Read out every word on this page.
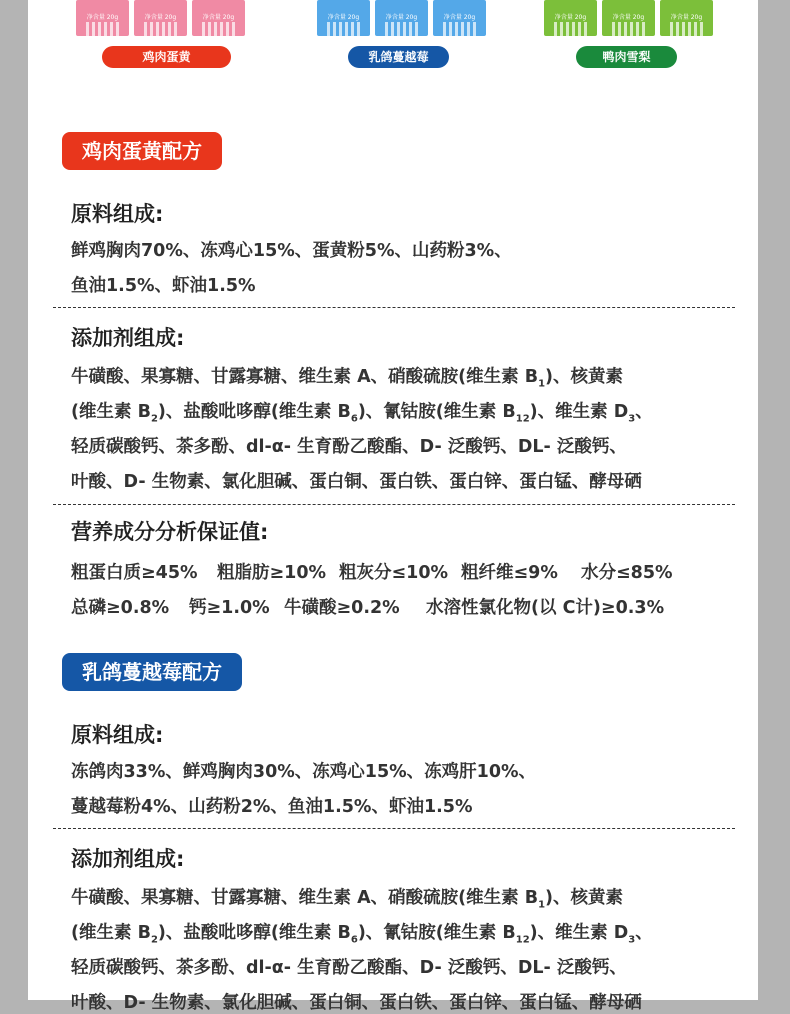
净含量 20g	净含量 20g	净含量 20g
鸡肉蛋黄
净含量 20g	净含量 20g	净含量 20g
乳鸽蔓越莓
净含量 20g	净含量 20g	净含量 20g
鸭肉雪梨
鸡肉蛋黄配方
原料组成:
鲜鸡胸肉70%、冻鸡心15%、蛋黄粉5%、山药粉3%、
鱼油1.5%、虾油1.5%
添加剂组成:
牛磺酸、果寡糖、甘露寡糖、维生素 A、硝酸硫胺(维生素 $B_1$)、核黄素
(维生素 $B_2$)、盐酸吡哆醇(维生素 $B_6$)、氰钴胺(维生素 $B_{12}$)、维生素 $D_3$、
轻质碳酸钙、茶多酚、dl-α- 生育酚乙酸酯、D- 泛酸钙、DL- 泛酸钙、
叶酸、D- 生物素、氯化胆碱、蛋白铜、蛋白铁、蛋白锌、蛋白锰、酵母硒
营养成分分析保证值:
粗蛋白质≥45% 粗脂肪≥10% 粗灰分≤10% 粗纤维≤9% 水分≤85%
总磷≥0.8% 钙≥1.0% 牛磺酸≥0.2% 水溶性氯化物(以 C计)≥0.3%
乳鸽蔓越莓配方
原料组成:
冻鸽肉33%、鲜鸡胸肉30%、冻鸡心15%、冻鸡肝10%、
蔓越莓粉4%、山药粉2%、鱼油1.5%、虾油1.5%
添加剂组成:
牛磺酸、果寡糖、甘露寡糖、维生素 A、硝酸硫胺(维生素 $B_1$)、核黄素
(维生素 $B_2$)、盐酸吡哆醇(维生素 $B_6$)、氰钴胺(维生素 $B_{12}$)、维生素 $D_3$、
轻质碳酸钙、茶多酚、dl-α- 生育酚乙酸酯、D- 泛酸钙、DL- 泛酸钙、
叶酸、D- 生物素、氯化胆碱、蛋白铜、蛋白铁、蛋白锌、蛋白锰、酵母硒
